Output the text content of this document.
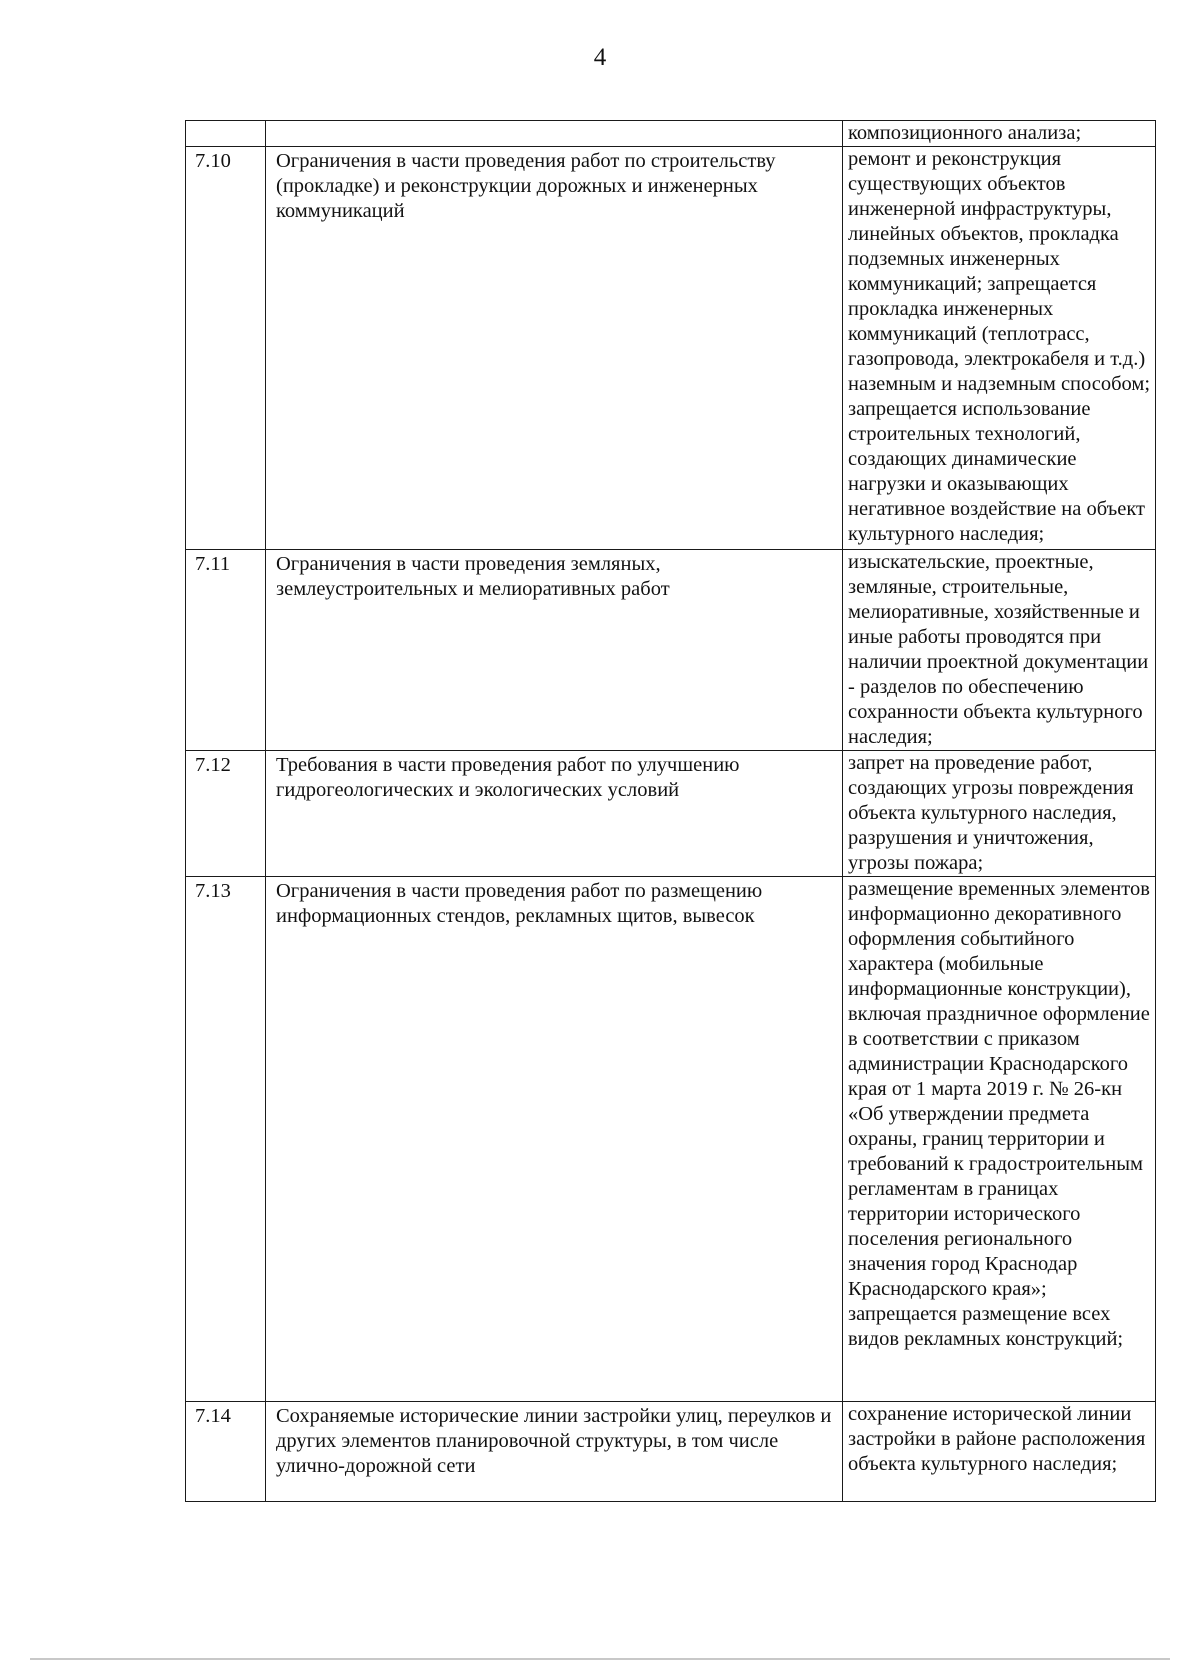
4
		композиционного анализа;
7.10	Ограничения в части проведения работ по строительству (прокладке) и реконструкции дорожных и инженерных коммуникаций	ремонт и реконструкция существующих объектов инженерной инфраструктуры, линейных объектов, прокладка подземных инженерных коммуникаций; запрещается прокладка инженерных коммуникаций (теплотрасс, газопровода, электрокабеля и т.д.) наземным и надземным способом; запрещается использование строительных технологий, создающих динамические нагрузки и оказывающих негативное воздействие на объект культурного наследия;
7.11	Ограничения в части проведения земляных, землеустроительных и мелиоративных работ	изыскательские, проектные, земляные, строительные, мелиоративные, хозяйственные и иные работы проводятся при наличии проектной документации - разделов по обеспечению сохранности объекта культурного наследия;
7.12	Требования в части проведения работ по улучшению гидрогеологических и экологических условий	запрет на проведение работ, создающих угрозы повреждения объекта культурного наследия, разрушения и уничтожения, угрозы пожара;
7.13	Ограничения в части проведения работ по размещению информационных стендов, рекламных щитов, вывесок	размещение временных элементов информационно декоративного оформления событийного характера (мобильные информационные конструкции), включая праздничное оформление в соответствии с приказом администрации Краснодарского края от 1 марта 2019 г. № 26-кн «Об утверждении предмета охраны, границ территории и требований к градостроительным регламентам в границах территории исторического поселения регионального значения город Краснодар Краснодарского края»; запрещается размещение всех видов рекламных конструкций;
7.14	Сохраняемые исторические линии застройки улиц, переулков и других элементов планировочной структуры, в том числе улично-дорожной сети	сохранение исторической линии застройки в районе расположения объекта культурного наследия;
